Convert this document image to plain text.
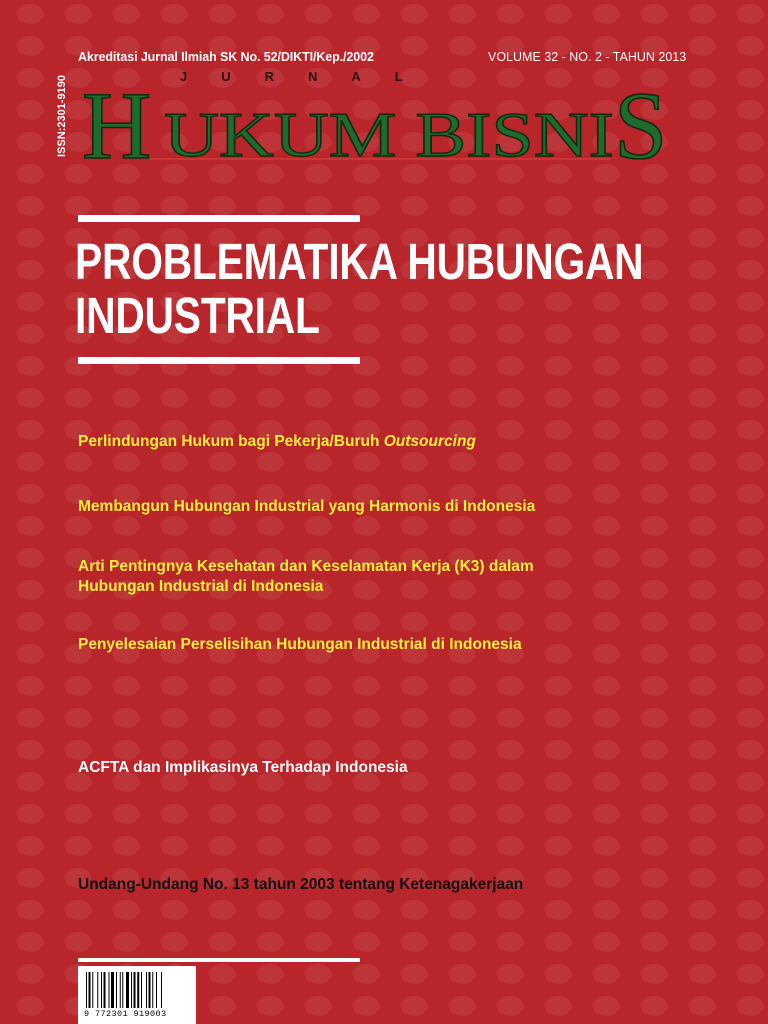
Akreditasi Jurnal Ilmiah SK No. 52/DIKTI/Kep./2002	VOLUME 32 - NO. 2 - TAHUN 2013
ISSN:2301-9190 H UKUM BISNI S
JURNAL
PROBLEMATIKA HUBUNGAN
INDUSTRIAL
Perlindungan Hukum bagi Pekerja/Buruh Outsourcing
Membangun Hubungan Industrial yang Harmonis di Indonesia
Arti Pentingnya Kesehatan dan Keselamatan Kerja (K3) dalam
Hubungan Industrial di Indonesia
Penyelesaian Perselisihan Hubungan Industrial di Indonesia
ACFTA dan Implikasinya Terhadap Indonesia
Undang-Undang No. 13 tahun 2003 tentang Ketenagakerjaan
9 772301 919003
